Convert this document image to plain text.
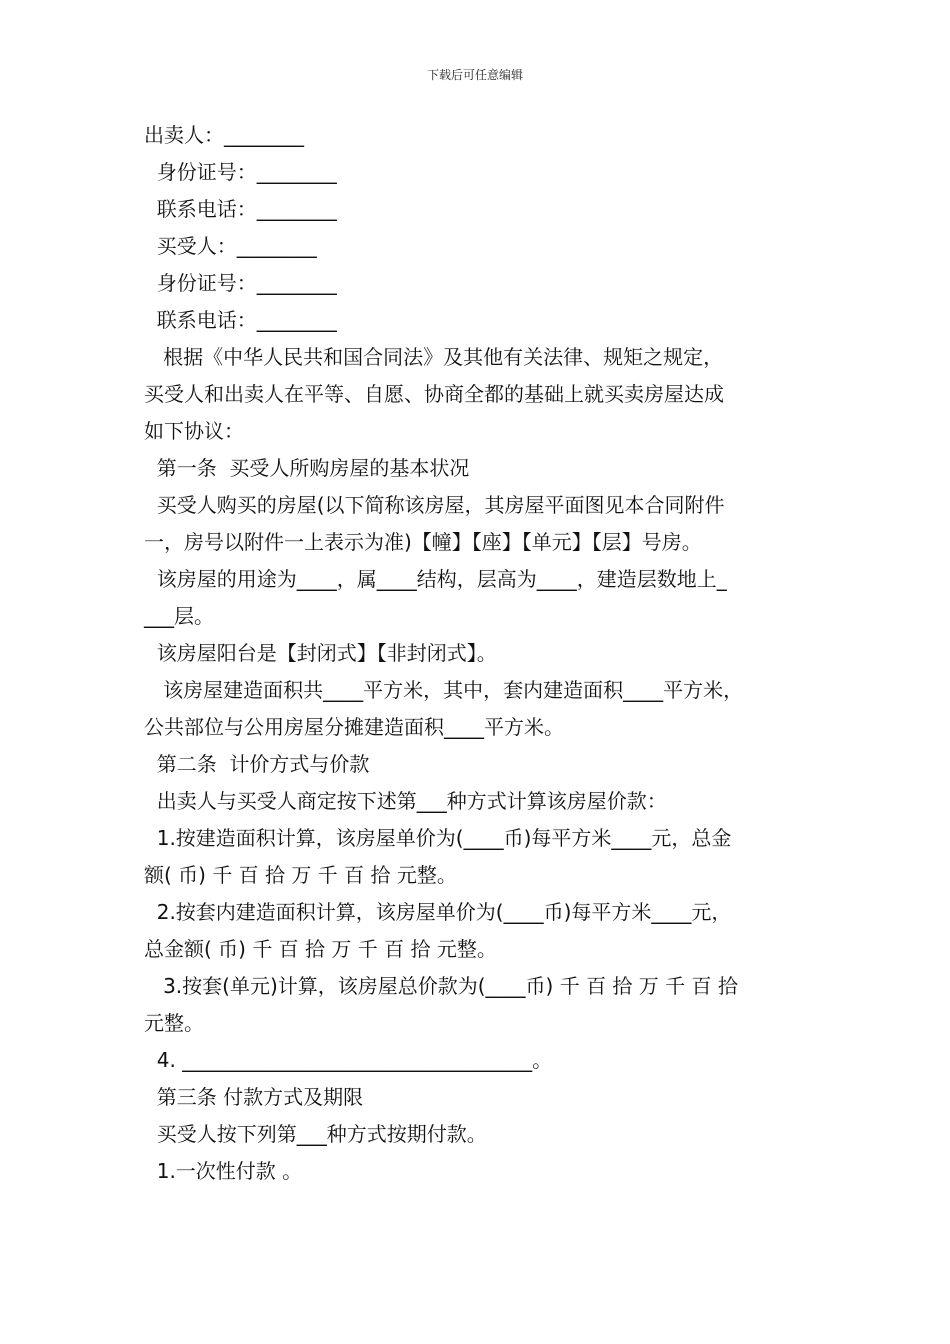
下载后可任意编辑
出卖人：________
身份证号：________
联系电话：________
买受人：________
身份证号：________
联系电话：________
根据《中华人民共和国合同法》及其他有关法律、规矩之规定，
买受人和出卖人在平等、自愿、协商全都的基础上就买卖房屋达成
如下协议：
第一条  买受人所购房屋的基本状况
买受人购买的房屋(以下简称该房屋，其房屋平面图见本合同附件
一，房号以附件一上表示为准)【幢】【座】【单元】【层】号房。
该房屋的用途为____，属____结构，层高为____，建造层数地上_
___层。
该房屋阳台是【封闭式】【非封闭式】。
该房屋建造面积共____平方米，其中，套内建造面积____平方米，
公共部位与公用房屋分摊建造面积____平方米。
第二条  计价方式与价款
出卖人与买受人商定按下述第___种方式计算该房屋价款：
1.按建造面积计算，该房屋单价为(____币)每平方米____元，总金
额( 币) 千 百 拾 万 千 百 拾 元整。
2.按套内建造面积计算，该房屋单价为(____币)每平方米____元，
总金额( 币) 千 百 拾 万 千 百 拾 元整。
3.按套(单元)计算，该房屋总价款为(____币) 千 百 拾 万 千 百 拾
元整。
4. ___________________________________。
第三条 付款方式及期限
买受人按下列第___种方式按期付款。
1.一次性付款 。
